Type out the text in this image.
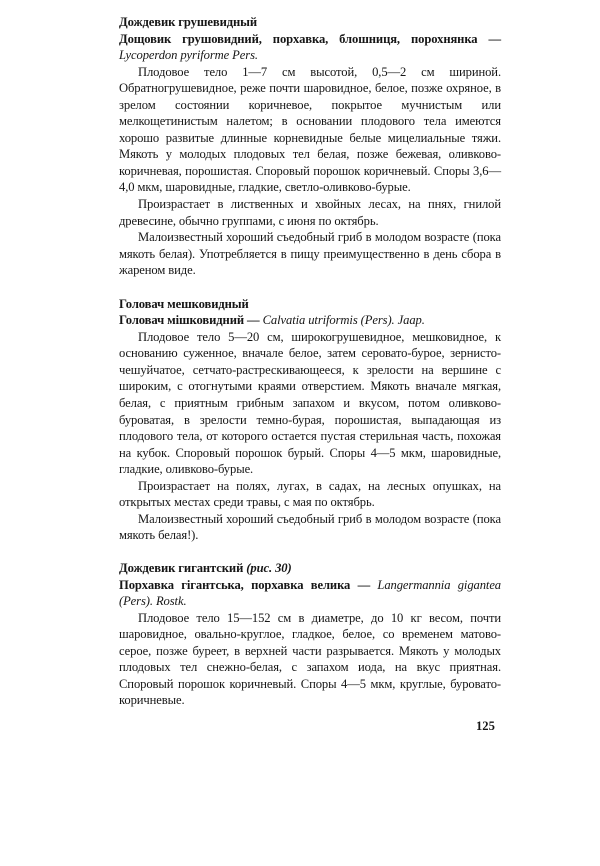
Дождевик грушевидный

Дощовик грушовидний, порхавка, блошниця, порохнянка — Lycoperdon pyriforme Pers.

Плодовое тело 1—7 см высотой, 0,5—2 см шириной. Обратногрушевидное, реже почти шаровидное, белое, позже охряное, в зрелом состоянии коричневое, покрытое мучнистым или мелкощетинистым налетом; в основании плодового тела имеются хорошо развитые длинные корневидные белые мицелиальные тяжи. Мякоть у молодых плодовых тел белая, позже бежевая, оливково-коричневая, порошистая. Споровый порошок коричневый. Споры 3,6—4,0 мкм, шаровидные, гладкие, светло-оливково-бурые.

Произрастает в лиственных и хвойных лесах, на пнях, гнилой древесине, обычно группами, с июня по октябрь.

Малоизвестный хороший съедобный гриб в молодом возрасте (пока мякоть белая). Употребляется в пищу преимущественно в день сбора в жареном виде.

Головач мешковидный

Головач мішковидний — Calvatia utriformis (Pers). Jaap.

Плодовое тело 5—20 см, широкогрушевидное, мешковидное, к основанию суженное, вначале белое, затем серовато-бурое, зернисто-чешуйчатое, сетчато-растрескивающееся, к зрелости на вершине с широким, с отогнутыми краями отверстием. Мякоть вначале мягкая, белая, с приятным грибным запахом и вкусом, потом оливково-буроватая, в зрелости темно-бурая, порошистая, выпадающая из плодового тела, от которого остается пустая стерильная часть, похожая на кубок. Споровый порошок бурый. Споры 4—5 мкм, шаровидные, гладкие, оливково-бурые.

Произрастает на полях, лугах, в садах, на лесных опушках, на открытых местах среди травы, с мая по октябрь.

Малоизвестный хороший съедобный гриб в молодом возрасте (пока мякоть белая!).

Дождевик гигантский (рис. 30)

Порхавка гігантська, порхавка велика — Langermannia gigantea (Pers). Rostk.

Плодовое тело 15—152 см в диаметре, до 10 кг весом, почти шаровидное, овально-круглое, гладкое, белое, со временем матово-серое, позже буреет, в верхней части разрывается. Мякоть у молодых плодовых тел снежно-белая, с запахом иода, на вкус приятная. Споровый порошок коричневый. Споры 4—5 мкм, круглые, буровато-коричневые.

125
